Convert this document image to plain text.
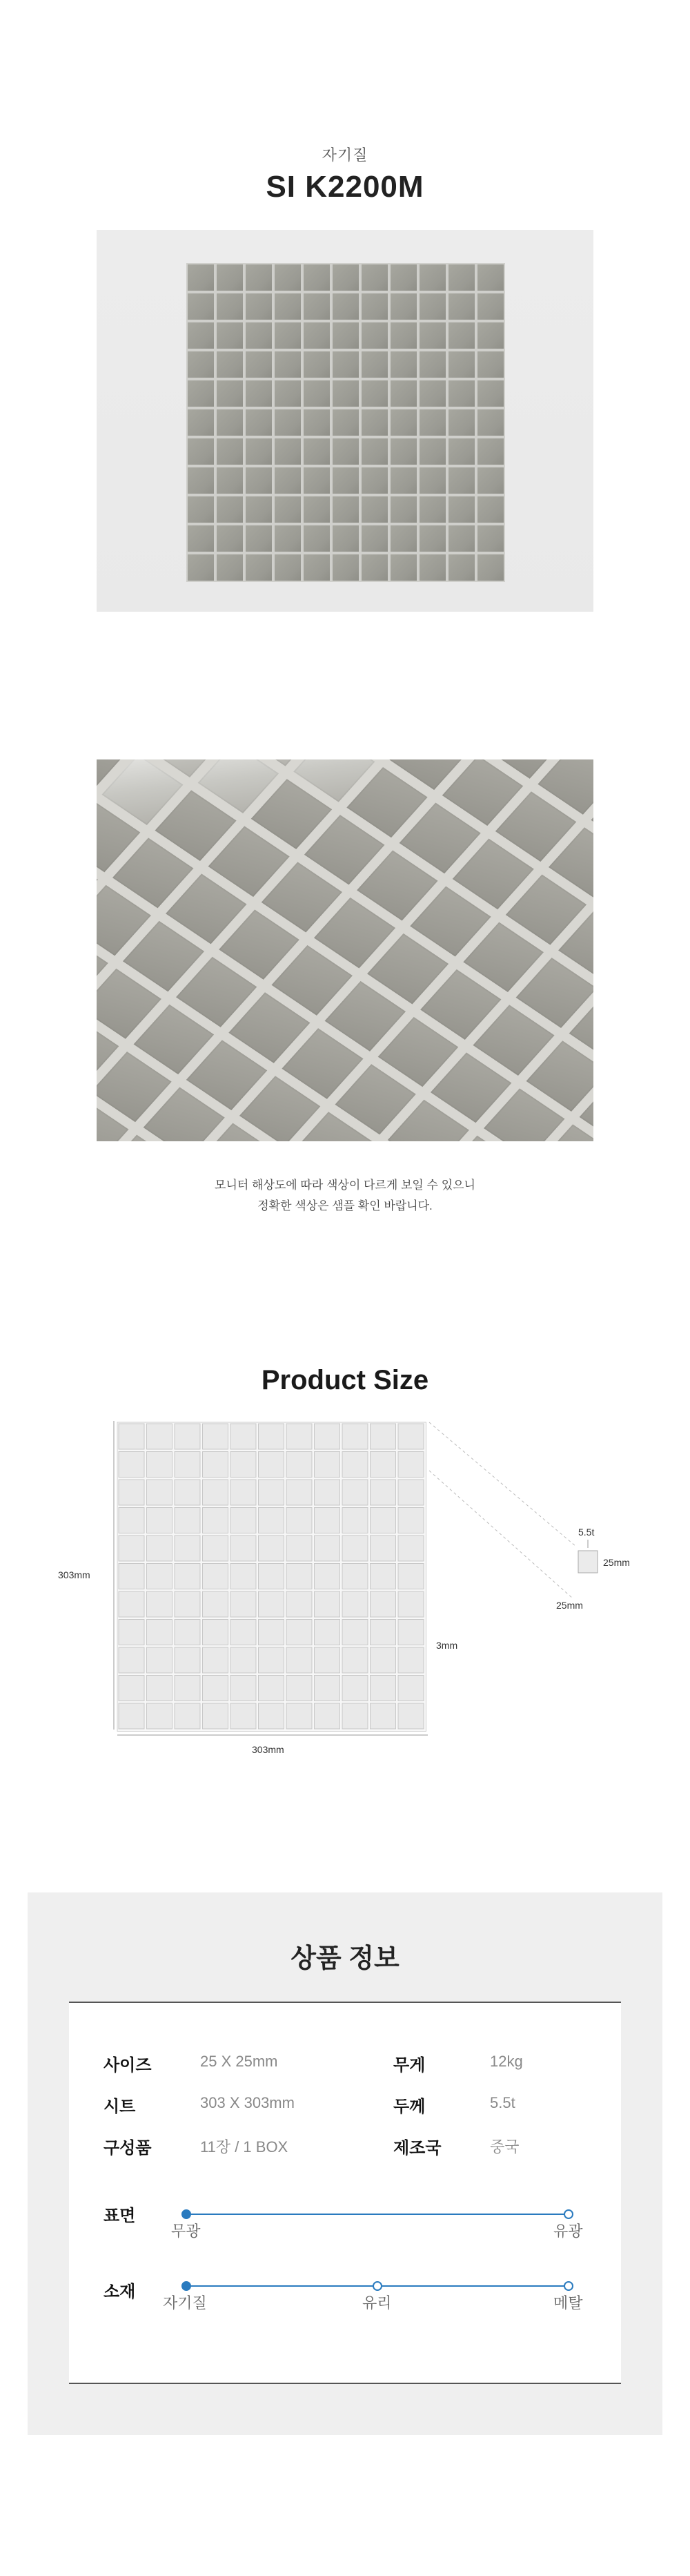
자기질
SI K2200M
모니터 해상도에 따라 색상이 다르게 보일 수 있으니
정확한 색상은 샘플 확인 바랍니다.
Product Size
303mm
303mm
3mm
5.5t
25mm
25mm
상품 정보
사이즈	25 X 25mm	무게	12kg
시트	303 X 303mm	두께	5.5t
구성품	11장 / 1 BOX	제조국	중국
표면
무광	유광
소재
자기질	유리	메탈
